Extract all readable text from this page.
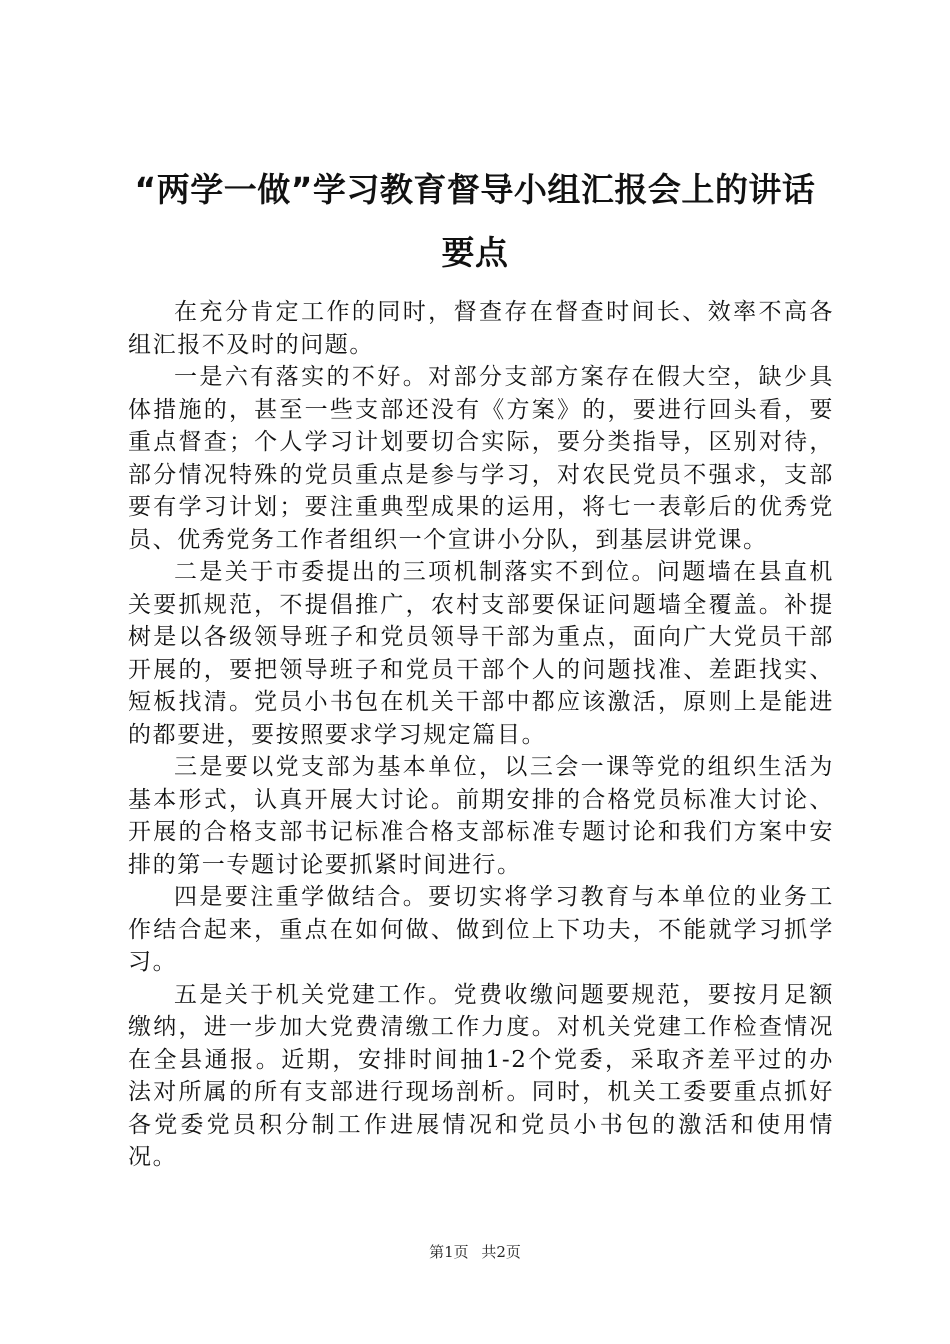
“两学一做”学习教育督导小组汇报会上的讲话要点

在充分肯定工作的同时，督查存在督查时间长、效率不高各组汇报不及时的问题。

一是六有落实的不好。对部分支部方案存在假大空，缺少具体措施的，甚至一些支部还没有《方案》的，要进行回头看，要重点督查；个人学习计划要切合实际，要分类指导，区别对待，部分情况特殊的党员重点是参与学习，对农民党员不强求，支部要有学习计划；要注重典型成果的运用，将七一表彰后的优秀党员、优秀党务工作者组织一个宣讲小分队，到基层讲党课。

二是关于市委提出的三项机制落实不到位。问题墙在县直机关要抓规范，不提倡推广，农村支部要保证问题墙全覆盖。补提树是以各级领导班子和党员领导干部为重点，面向广大党员干部开展的，要把领导班子和党员干部个人的问题找准、差距找实、短板找清。党员小书包在机关干部中都应该激活，原则上是能进的都要进，要按照要求学习规定篇目。

三是要以党支部为基本单位，以三会一课等党的组织生活为基本形式，认真开展大讨论。前期安排的合格党员标准大讨论、开展的合格支部书记标准合格支部标准专题讨论和我们方案中安排的第一专题讨论要抓紧时间进行。

四是要注重学做结合。要切实将学习教育与本单位的业务工作结合起来，重点在如何做、做到位上下功夫，不能就学习抓学习。

五是关于机关党建工作。党费收缴问题要规范，要按月足额缴纳，进一步加大党费清缴工作力度。对机关党建工作检查情况在全县通报。近期，安排时间抽1-2个党委，采取齐差平过的办法对所属的所有支部进行现场剖析。同时，机关工委要重点抓好各党委党员积分制工作进展情况和党员小书包的激活和使用情况。

第1页 共2页
